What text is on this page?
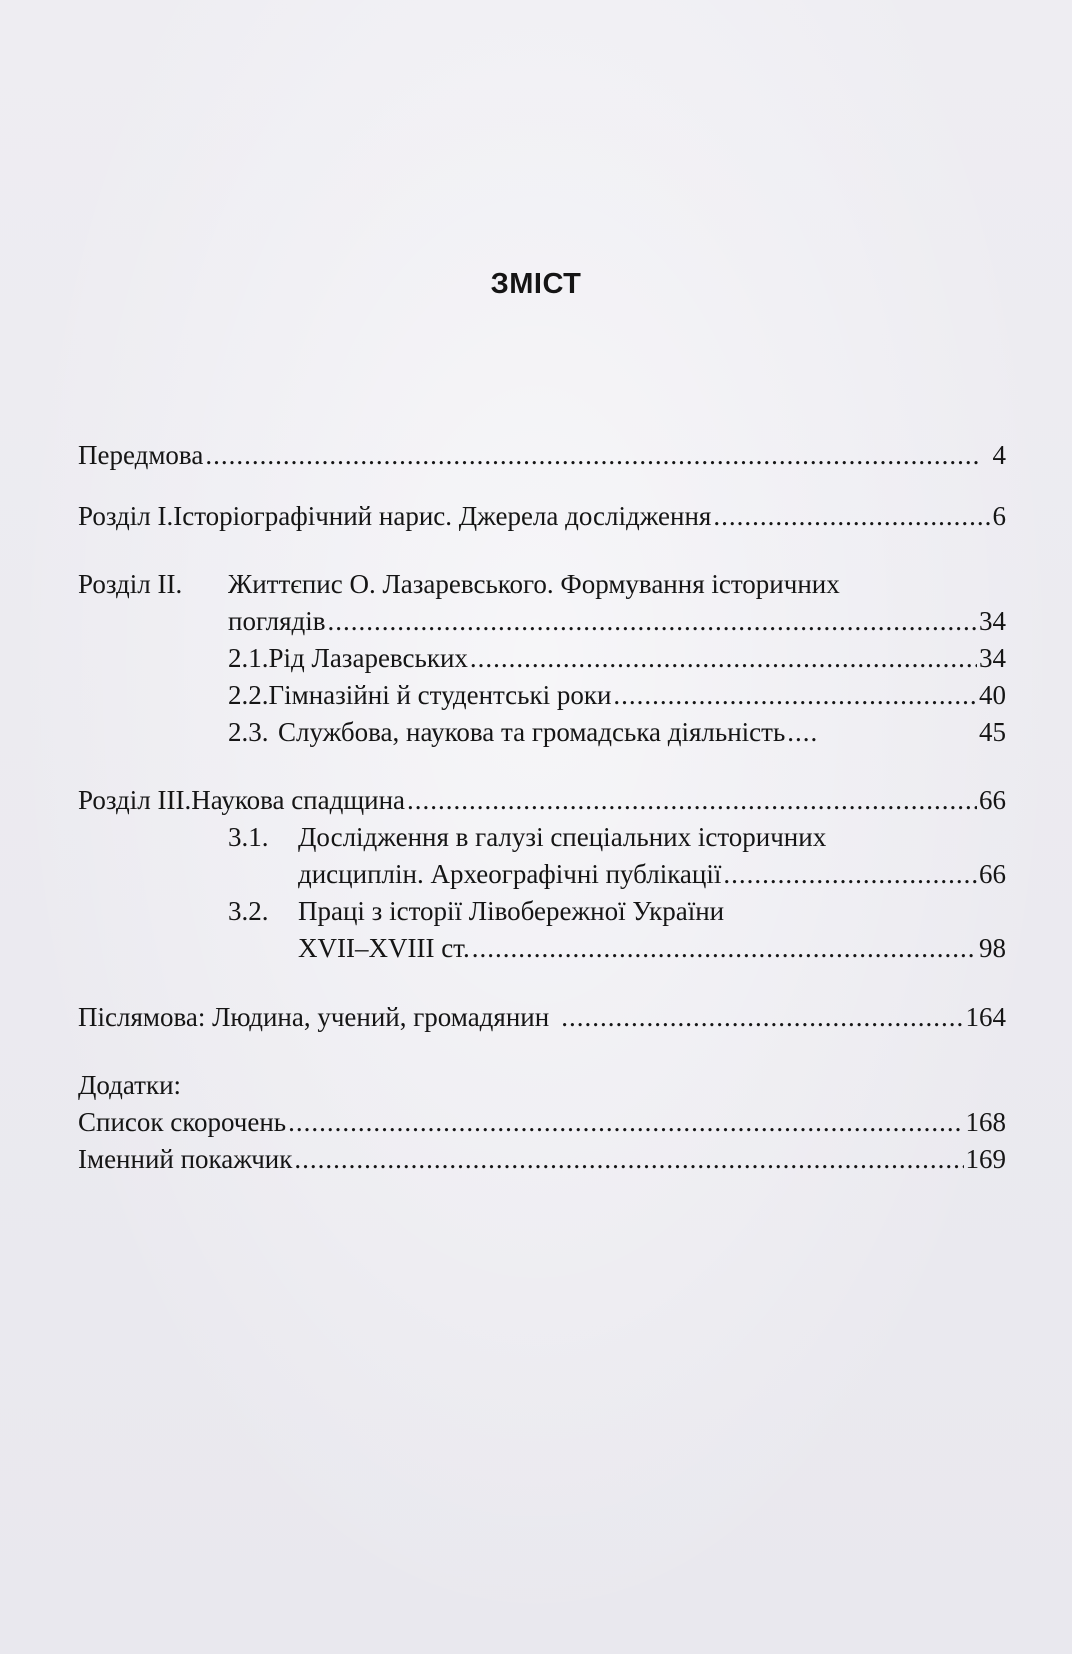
ЗМІСТ
Передмова .....	4
Розділ I. Історіографічний нарис. Джерела дослідження .....	6
Розділ II. Життєпис О. Лазаревського. Формування історичних
поглядів .....	34
2.1. Рід Лазаревських .....	34
2.2. Гімназійні й студентські роки .....	40
2.3. Службова, наукова та громадська діяльність .....	45
Розділ III. Наукова спадщина .....	66
3.1. Дослідження в галузі спеціальних історичних
дисциплін. Археографічні публікації .....	66
3.2. Праці з історії Лівобережної України
XVII–XVIII ст. .....	98
Післямова: Людина, учений, громадянин .....	164
Додатки:
Список скорочень .....	168
Іменний покажчик .....	169
